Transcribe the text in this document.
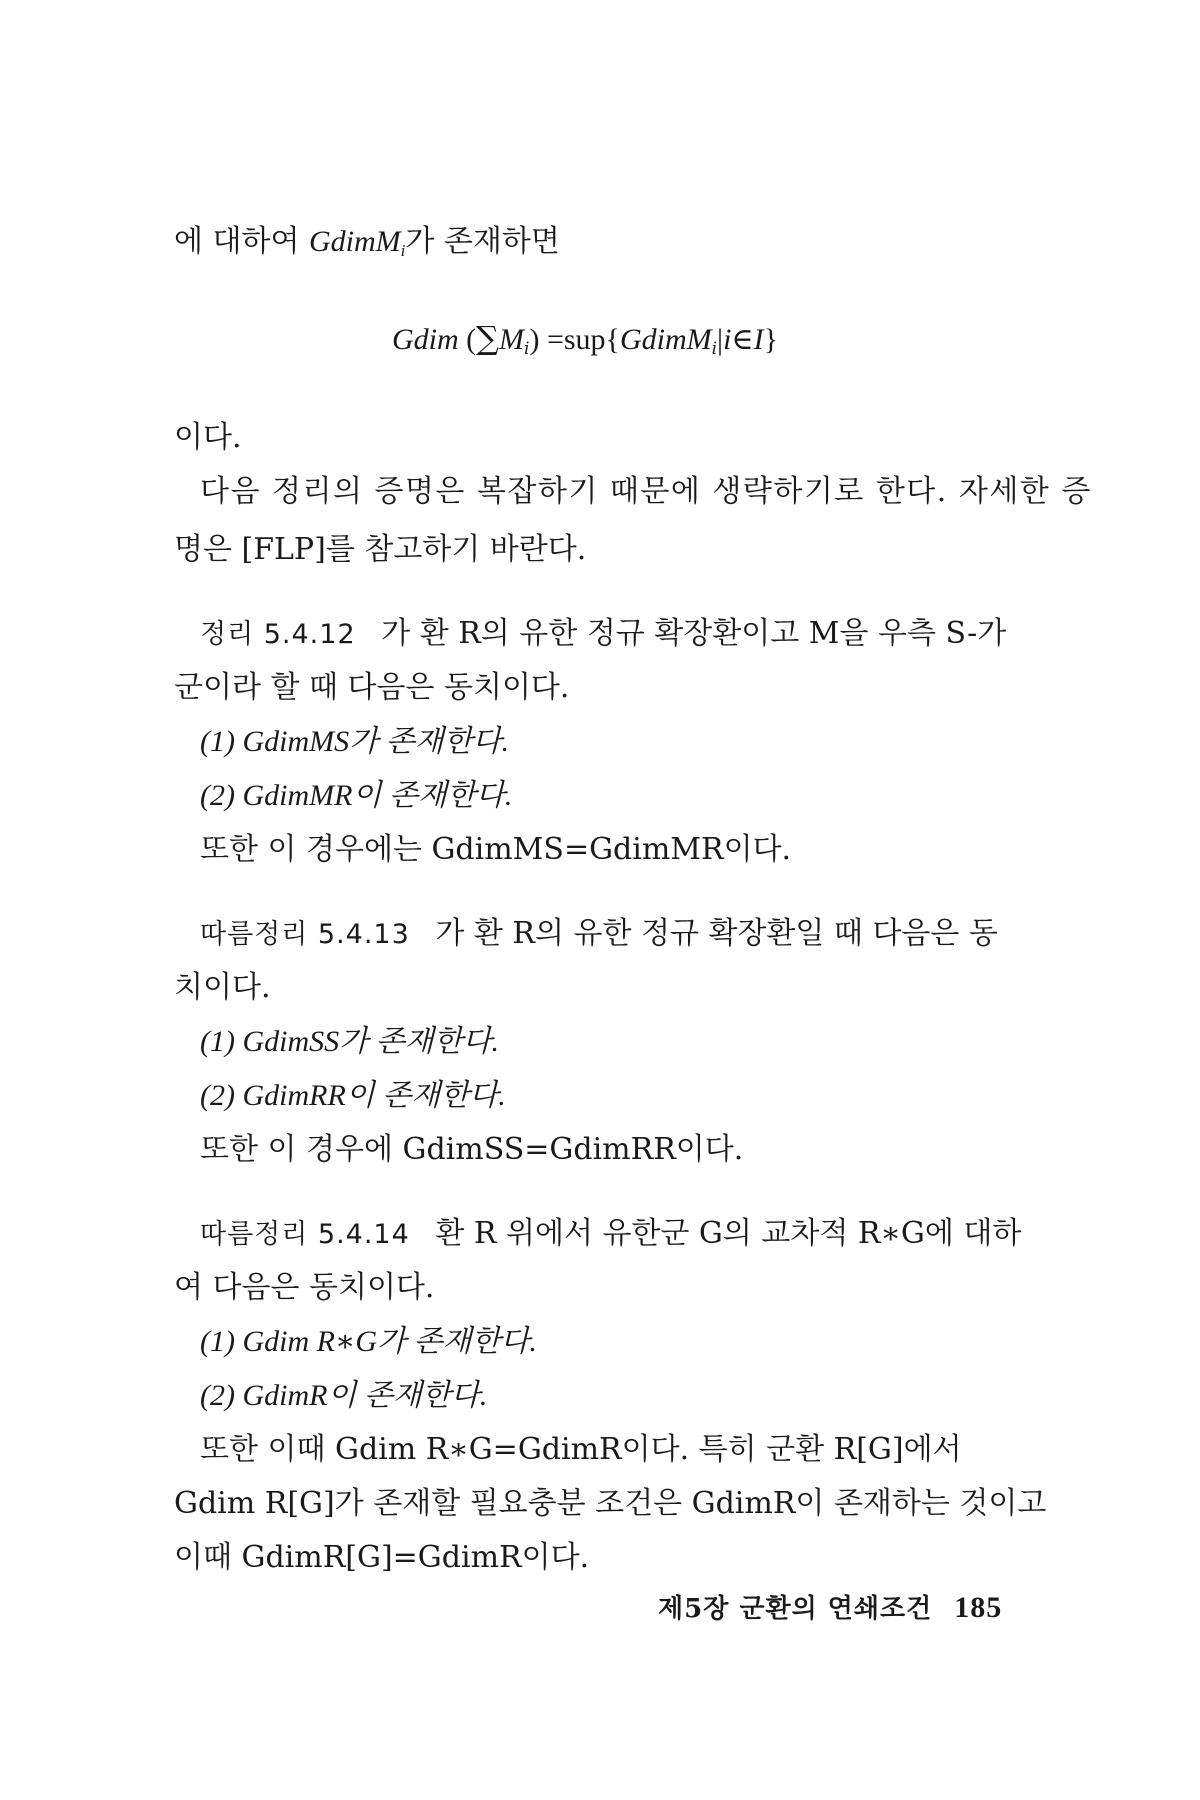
에 대하여 GdimM$_i$가 존재하면
Gdim $(\sum M_i)$ =sup{GdimM$_i$|i∈I}
이다.
다음 정리의 증명은 복잡하기 때문에 생략하기로 한다. 자세한 증
명은 [FLP]를 참고하기 바란다.
정리 5.4.12 가 환 R의 유한 정규 확장환이고 M을 우측 S-가
군이라 할 때 다음은 동치이다.
(1) GdimMS가 존재한다.
(2) GdimMR이 존재한다.
또한 이 경우에는 GdimMS=GdimMR이다.
따름정리 5.4.13 가 환 R의 유한 정규 확장환일 때 다음은 동
치이다.
(1) GdimSS가 존재한다.
(2) GdimRR이 존재한다.
또한 이 경우에 GdimSS=GdimRR이다.
따름정리 5.4.14 환 R 위에서 유한군 G의 교차적 R∗G에 대하
여 다음은 동치이다.
(1) Gdim R∗G가 존재한다.
(2) GdimR이 존재한다.
또한 이때 Gdim R∗G=GdimR이다. 특히 군환 R[G]에서
Gdim R[G]가 존재할 필요충분 조건은 GdimR이 존재하는 것이고
이때 GdimR[G]=GdimR이다.
제5장 군환의 연쇄조건 185
